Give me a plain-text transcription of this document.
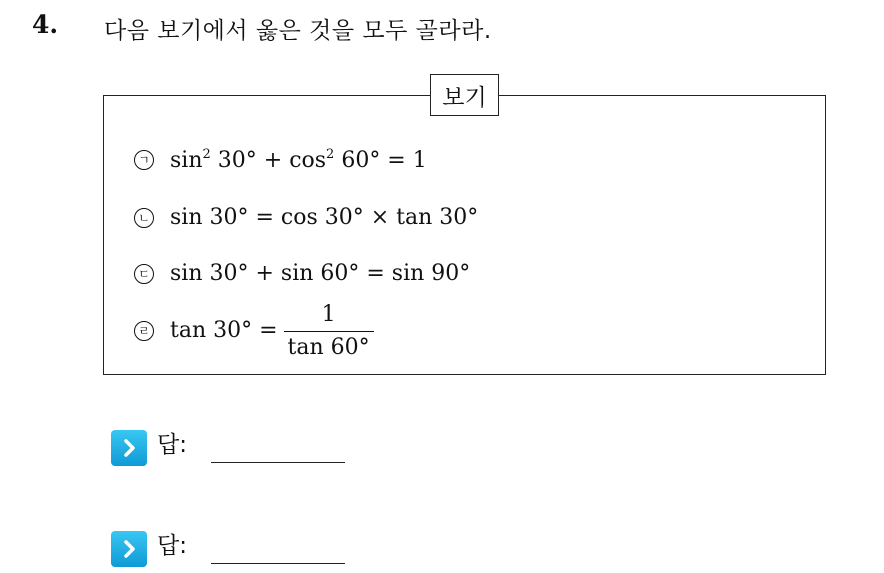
4. 다음 보기에서 옳은 것을 모두 골라라.
보기
ㄱ $\sin^2 30^\circ + \cos^2 60^\circ = 1$
ㄴ sin 30° = cos 30° × tan 30°
ㄷ sin 30° + sin 60° = sin 90°
ㄹ $\tan 30^\circ = \frac{1}{\tan 60^\circ}$
답:
답:
